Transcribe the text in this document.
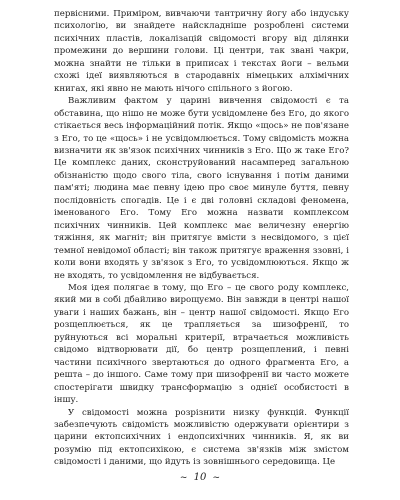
первісними. Приміром, вивчаючи тантричну йогу або індуську психологію, ви знайдете найскладніше розроблені системи психічних пластів, локалізацій свідомості вгору від ділянки промежини до вершини голови. Ці центри, так звані чакри, можна знайти не тільки в приписах і текстах йоги – вельми схожі ідеї виявляються в стародавніх німецьких алхімічних книгах, які явно не мають нічого спільного з йогою.

Важливим фактом у царині вивчення свідомості є та обставина, що нішо не може бути усвідомлене без Его, до якого стікається весь інформаційний потік. Якщо «щось» не пов'язане з Его, то це «щось» і не усвідомлюється. Тому свідомість можна визначити як зв'язок психічних чинників з Его. Що ж таке Его? Це комплекс даних, сконструйований насамперед загальною обізнаністю щодо свого тіла, свого існування і потім даними пам'яті; людина має певну ідею про своє минуле буття, певну послідовність спогадів. Це і є дві головні складові феномена, іменованого Его. Тому Его можна назвати комплексом психічних чинників. Цей комплекс має величезну енергію тяжіння, як магніт; він притягує вмісти з несвідомого, з цієї темної невідомої області; він також притягує враження ззовні, і коли вони входять у зв'язок з Его, то усвідомлюються. Якщо ж не входять, то усвідомлення не відбувається.

Моя ідея полягає в тому, що Его – це свого роду комплекс, який ми в собі дбайливо вирощуємо. Він завжди в центрі нашої уваги і наших бажань, він – центр нашої свідомості. Якщо Его розщеплюється, як це трапляється за шизофренії, то руйнуються всі моральні критерії, втрачається можливість свідомо відтворювати дії, бо центр розщеплений, і певні частини психічного звертаються до одного фрагмента Его, а решта – до іншого. Саме тому при шизофренії ви часто можете спостерігати швидку трансформацію з однієї особистості в іншу.

У свідомості можна розрізнити низку функцій. Функції забезпечують свідомість можливістю одержувати орієнтири з царини ектопсихічних і ендопсихічних чинників. Я, як ви розумію під ектопсихікою, є система зв'язків між змістом свідомості і даними, що йдуть із зовнішнього середовища. Це

~ 10 ~
